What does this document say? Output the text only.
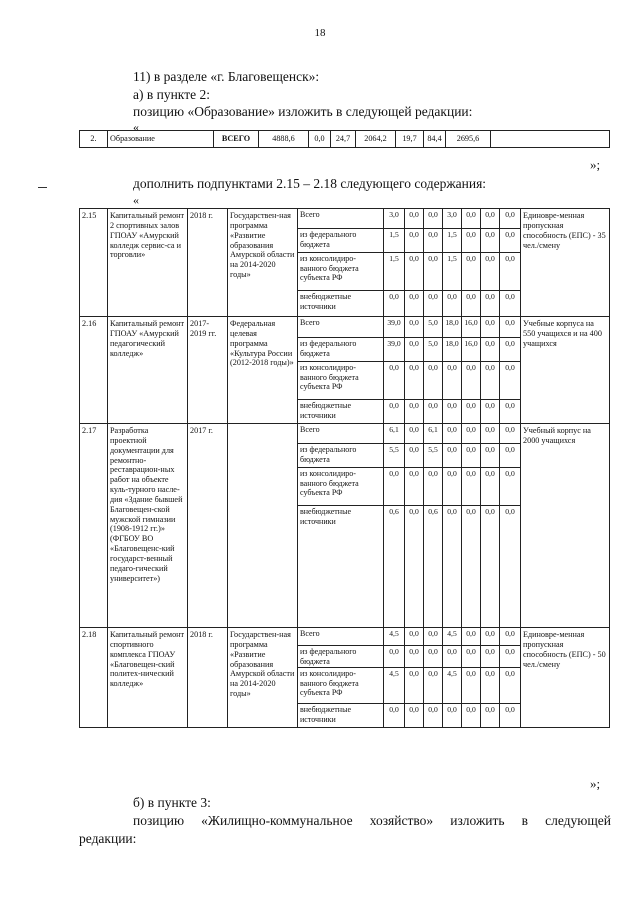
18
11) в разделе «г. Благовещенск»:
а) в пункте 2:
позицию «Образование» изложить в следующей редакции:
«
2.	Образование	ВСЕГО	4888,6	0,0	24,7	2064,2	19,7	84,4	2695,6	
»;
дополнить подпунктами 2.15 – 2.18 следующего содержания:
«
2.15	Капитальный ремонт 2 спортивных залов ГПОАУ «Амурский колледж сервис-са и торговли»	2018 г.	Государствен-ная программа «Развитие образования Амурской области на 2014-2020 годы»	Всего	3,0	0,0	0,0	3,0	0,0	0,0	0,0	Единовре-менная пропускная способность (ЕПС) - 35 чел./смену
				из федерального бюджета	1,5	0,0	0,0	1,5	0,0	0,0	0,0	
				из консолидиро-ванного бюджета субъекта РФ	1,5	0,0	0,0	1,5	0,0	0,0	0,0	
				внебюджетные источники	0,0	0,0	0,0	0,0	0,0	0,0	0,0	
2.16	Капитальный ремонт ГПОАУ «Амурский педагогический колледж»	2017-2019 гг.	Федеральная целевая программа «Культура России (2012-2018 годы)»	Всего	39,0	0,0	5,0	18,0	16,0	0,0	0,0	Учебные корпуса на 550 учащихся и на 400 учащихся
				из федерального бюджета	39,0	0,0	5,0	18,0	16,0	0,0	0,0	
				из консолидиро-ванного бюджета субъекта РФ	0,0	0,0	0,0	0,0	0,0	0,0	0,0	
				внебюджетные источники	0,0	0,0	0,0	0,0	0,0	0,0	0,0	
2.17	Разработка проектной документации для ремонтно-реставрацион-ных работ на объекте куль-турного насле-дия «Здание бывшей Благовещен-ской мужской гимназии (1908-1912 гг.)» (ФГБОУ ВО «Благовещенс-кий государст-венный педаго-гический университет»)	2017 г.		Всего	6,1	0,0	6,1	0,0	0,0	0,0	0,0	Учебный корпус на 2000 учащихся
				из федерального бюджета	5,5	0,0	5,5	0,0	0,0	0,0	0,0	
				из консолидиро-ванного бюджета субъекта РФ	0,0	0,0	0,0	0,0	0,0	0,0	0,0	
				внебюджетные источники	0,6	0,0	0,6	0,0	0,0	0,0	0,0	
2.18	Капитальный ремонт спортивного комплекса ГПОАУ «Благовещен-ский политех-нический колледж»	2018 г.	Государствен-ная программа «Развитие образования Амурской области на 2014-2020 годы»	Всего	4,5	0,0	0,0	4,5	0,0	0,0	0,0	Единовре-менная пропускная способность (ЕПС) - 50 чел./смену
				из федерального бюджета	0,0	0,0	0,0	0,0	0,0	0,0	0,0	
				из консолидиро-ванного бюджета субъекта РФ	4,5	0,0	0,0	4,5	0,0	0,0	0,0	
				внебюджетные источники	0,0	0,0	0,0	0,0	0,0	0,0	0,0	
»;
б) в пункте 3:
позицию «Жилищно-коммунальное хозяйство» изложить в следующей
редакции:
